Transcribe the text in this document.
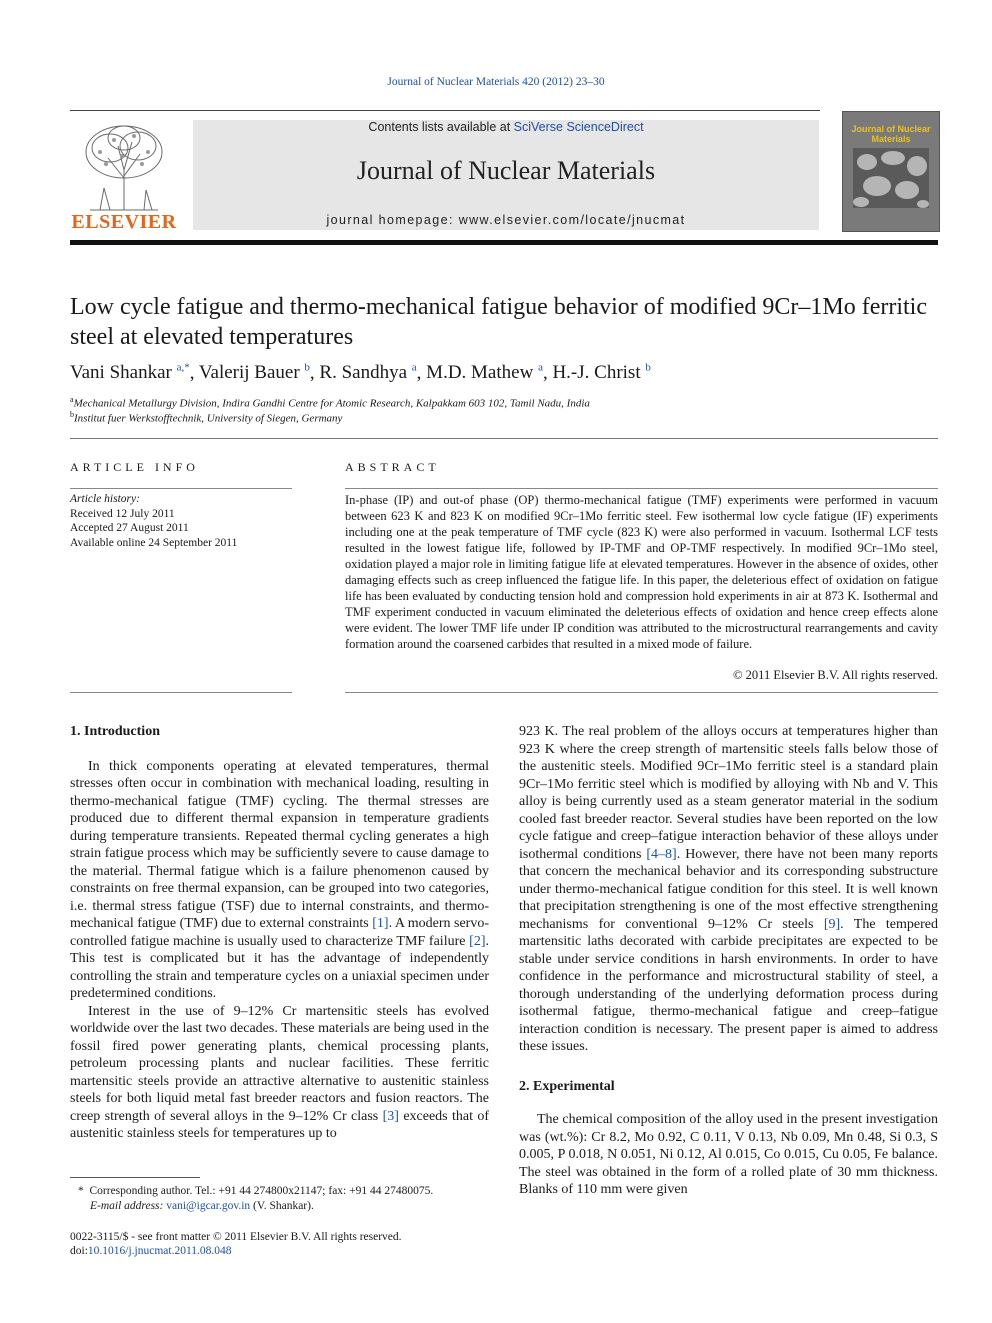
Journal of Nuclear Materials 420 (2012) 23–30
ELSEVIER
Contents lists available at SciVerse ScienceDirect
Journal of Nuclear Materials
journal homepage: www.elsevier.com/locate/jnucmat
Journal of Nuclear Materials
Low cycle fatigue and thermo-mechanical fatigue behavior of modified 9Cr–1Mo ferritic steel at elevated temperatures
Vani Shankar $^{a,*}$, Valerij Bauer $^b$, R. Sandhya $^a$, M.D. Mathew $^a$, H.-J. Christ $^b$
$^a$Mechanical Metallurgy Division, Indira Gandhi Centre for Atomic Research, Kalpakkam 603 102, Tamil Nadu, India
$^b$Institut fuer Werkstofftechnik, University of Siegen, Germany
ARTICLE INFO
Article history:
Received 12 July 2011
Accepted 27 August 2011
Available online 24 September 2011
ABSTRACT
In-phase (IP) and out-of phase (OP) thermo-mechanical fatigue (TMF) experiments were performed in vacuum between 623 K and 823 K on modified 9Cr–1Mo ferritic steel. Few isothermal low cycle fatigue (IF) experiments including one at the peak temperature of TMF cycle (823 K) were also performed in vacuum. Isothermal LCF tests resulted in the lowest fatigue life, followed by IP-TMF and OP-TMF respectively. In modified 9Cr–1Mo steel, oxidation played a major role in limiting fatigue life at elevated temperatures. However in the absence of oxides, other damaging effects such as creep influenced the fatigue life. In this paper, the deleterious effect of oxidation on fatigue life has been evaluated by conducting tension hold and compression hold experiments in air at 873 K. Isothermal and TMF experiment conducted in vacuum eliminated the deleterious effects of oxidation and hence creep effects alone were evident. The lower TMF life under IP condition was attributed to the microstructural rearrangements and cavity formation around the coarsened carbides that resulted in a mixed mode of failure.
© 2011 Elsevier B.V. All rights reserved.
1. Introduction

In thick components operating at elevated temperatures, thermal stresses often occur in combination with mechanical loading, resulting in thermo-mechanical fatigue (TMF) cycling. The thermal stresses are produced due to different thermal expansion in temperature gradients during temperature transients. Repeated thermal cycling generates a high strain fatigue process which may be sufficiently severe to cause damage to the material. Thermal fatigue which is a failure phenomenon caused by constraints on free thermal expansion, can be grouped into two categories, i.e. thermal stress fatigue (TSF) due to internal constraints, and thermo-mechanical fatigue (TMF) due to external constraints [1]. A modern servo-controlled fatigue machine is usually used to characterize TMF failure [2]. This test is complicated but it has the advantage of independently controlling the strain and temperature cycles on a uniaxial specimen under predetermined conditions.

Interest in the use of 9–12% Cr martensitic steels has evolved worldwide over the last two decades. These materials are being used in the fossil fired power generating plants, chemical processing plants, petroleum processing plants and nuclear facilities. These ferritic martensitic steels provide an attractive alternative to austenitic stainless steels for both liquid metal fast breeder reactors and fusion reactors. The creep strength of several alloys in the 9–12% Cr class [3] exceeds that of austenitic stainless steels for temperatures up to

* Corresponding author. Tel.: +91 44 274800x21147; fax: +91 44 27480075.
E-mail address: vani@igcar.gov.in (V. Shankar).
0022-3115/$ - see front matter © 2011 Elsevier B.V. All rights reserved.
doi:10.1016/j.jnucmat.2011.08.048

923 K. The real problem of the alloys occurs at temperatures higher than 923 K where the creep strength of martensitic steels falls below those of the austenitic steels. Modified 9Cr–1Mo ferritic steel is a standard plain 9Cr–1Mo ferritic steel which is modified by alloying with Nb and V. This alloy is being currently used as a steam generator material in the sodium cooled fast breeder reactor. Several studies have been reported on the low cycle fatigue and creep–fatigue interaction behavior of these alloys under isothermal conditions [4–8]. However, there have not been many reports that concern the mechanical behavior and its corresponding substructure under thermo-mechanical fatigue condition for this steel. It is well known that precipitation strengthening is one of the most effective strengthening mechanisms for conventional 9–12% Cr steels [9]. The tempered martensitic laths decorated with carbide precipitates are expected to be stable under service conditions in harsh environments. In order to have confidence in the performance and microstructural stability of steel, a thorough understanding of the underlying deformation process during isothermal fatigue, thermo-mechanical fatigue and creep–fatigue interaction condition is necessary. The present paper is aimed to address these issues.

2. Experimental

The chemical composition of the alloy used in the present investigation was (wt.%): Cr 8.2, Mo 0.92, C 0.11, V 0.13, Nb 0.09, Mn 0.48, Si 0.3, S 0.005, P 0.018, N 0.051, Ni 0.12, Al 0.015, Co 0.015, Cu 0.05, Fe balance. The steel was obtained in the form of a rolled plate of 30 mm thickness. Blanks of 110 mm were given
